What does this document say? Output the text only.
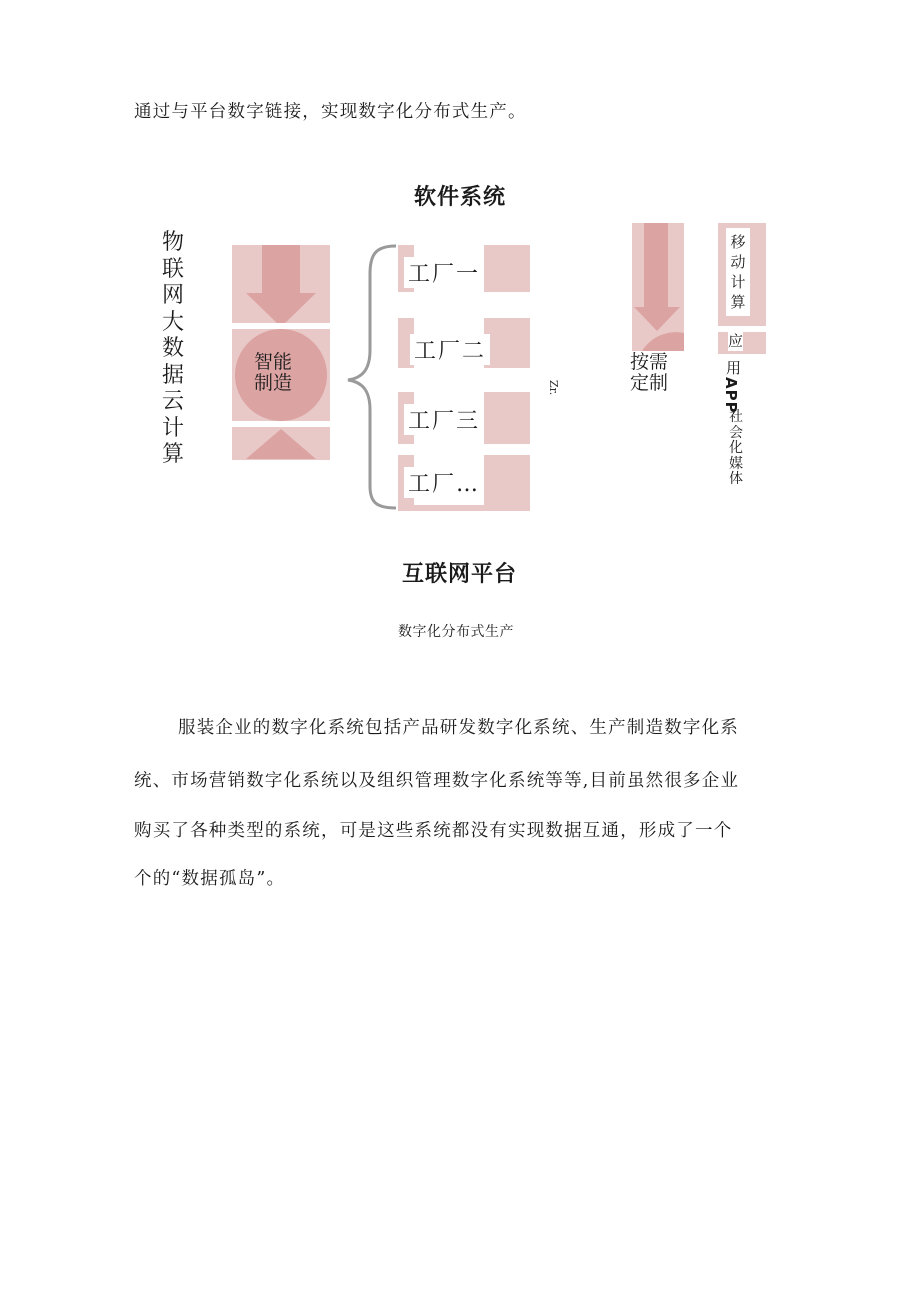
通过与平台数字链接，实现数字化分布式生产。
软件系统
物联网大数据云计算
智能
制造
工厂一
工厂二
工厂三
工厂…
Zr.
按需
定制
移动计算
应
用
APP
社会化媒体
互联网平台
数字化分布式生产
服装企业的数字化系统包括产品研发数字化系统、生产制造数字化系
统、市场营销数字化系统以及组织管理数字化系统等等,目前虽然很多企业
购买了各种类型的系统，可是这些系统都没有实现数据互通，形成了一个
个的“数据孤岛”。
